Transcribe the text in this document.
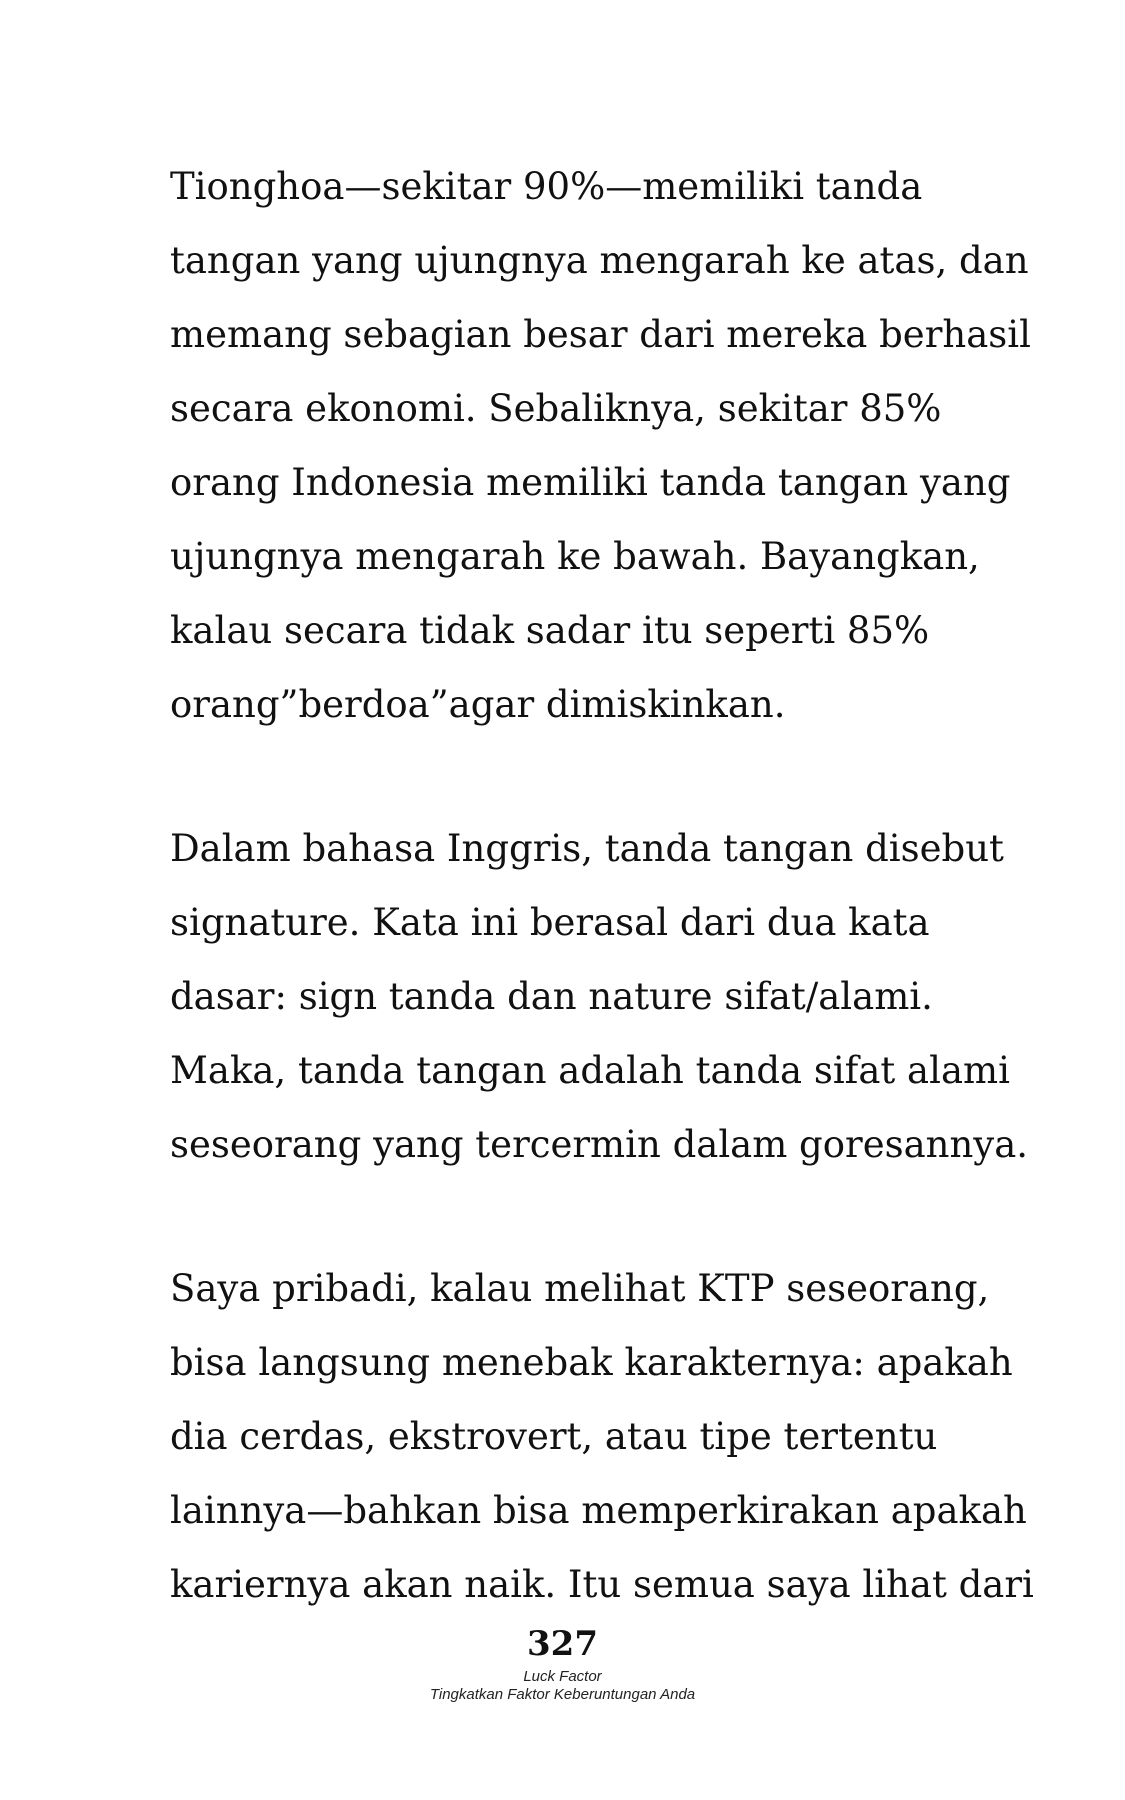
Tionghoa—sekitar 90%—memiliki tanda
tangan yang ujungnya mengarah ke atas, dan
memang sebagian besar dari mereka berhasil
secara ekonomi. Sebaliknya, sekitar 85%
orang Indonesia memiliki tanda tangan yang
ujungnya mengarah ke bawah. Bayangkan,
kalau secara tidak sadar itu seperti 85%
orang”berdoa”agar dimiskinkan.
Dalam bahasa Inggris, tanda tangan disebut
signature. Kata ini berasal dari dua kata
dasar: sign tanda dan nature sifat/alami.
Maka, tanda tangan adalah tanda sifat alami
seseorang yang tercermin dalam goresannya.
Saya pribadi, kalau melihat KTP seseorang,
bisa langsung menebak karakternya: apakah
dia cerdas, ekstrovert, atau tipe tertentu
lainnya—bahkan bisa memperkirakan apakah
kariernya akan naik. Itu semua saya lihat dari
327
Luck Factor
Tingkatkan Faktor Keberuntungan Anda
